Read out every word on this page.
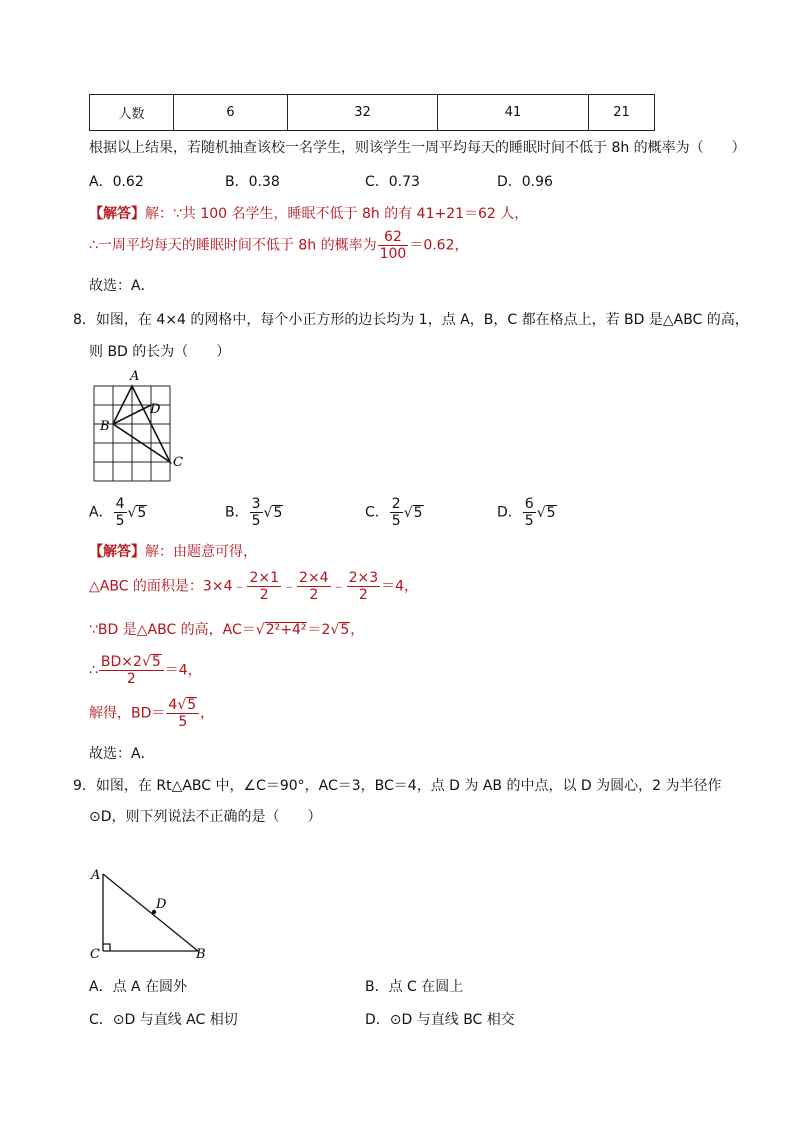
人数	6	32	41	21
根据以上结果，若随机抽查该校一名学生，则该学生一周平均每天的睡眠时间不低于 8h 的概率为（　　）
A．0.62	B．0.38	C．0.73	D．0.96
【解答】解：∵共 100 名学生，睡眠不低于 8h 的有 41+21＝62 人，
∴一周平均每天的睡眠时间不低于 8h 的概率为 $\frac{62}{100} =0.62$，
故选：A．
8．如图，在 4×4 的网格中，每个小正方形的边长均为 1，点 A，B，C 都在格点上，若 BD 是△ABC 的高，
则 BD 的长为（　　）
A
B
C
D
A． $\frac{4}{5} √5$	B． $\frac{3}{5} √5$	C． $\frac{2}{5} √5$	D． $\frac{6}{5} √5$
【解答】解：由题意可得，
△ABC 的面积是：3×4﹣ $\frac{2\times 1}{2}$ ﹣ $\frac{2\times 4}{2}$ ﹣ $\frac{2\times 3}{2} =4$，
∵BD 是△ABC 的高，AC＝√2²+4²＝2√5，
∴ $\frac{BD\times 2√5}{2} =4$，
解得，$BD= \frac{4√5}{5}$ ，
故选：A．
9．如图，在 Rt△ABC 中，∠C＝90°，AC＝3，BC＝4，点 D 为 AB 的中点，以 D 为圆心，2 为半径作
⊙D，则下列说法不正确的是（　　）
A
C	B
D
A．点 A 在圆外	B．点 C 在圆上
C．⊙D 与直线 AC 相切	D．⊙D 与直线 BC 相交
